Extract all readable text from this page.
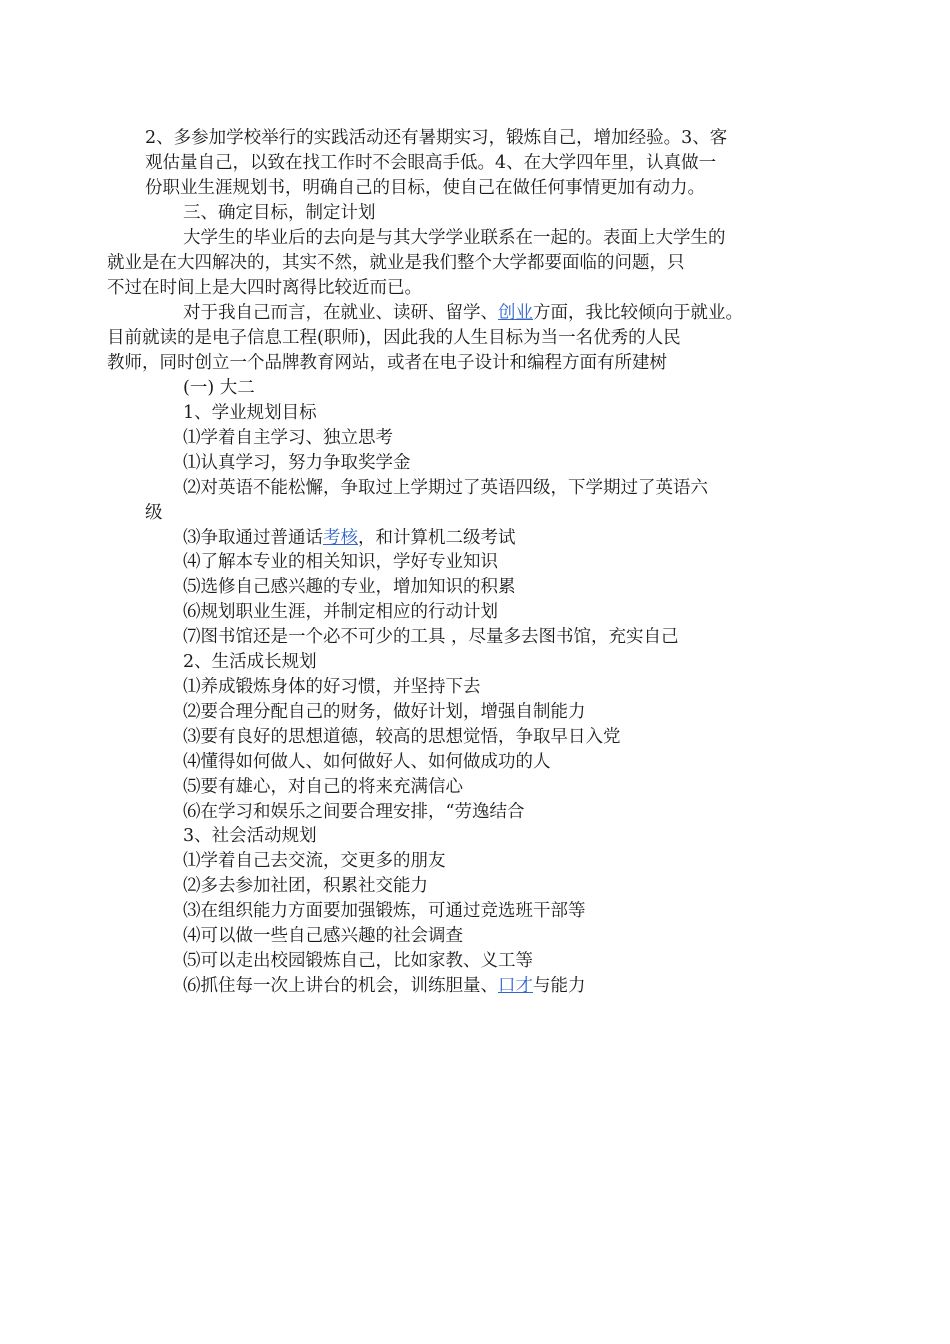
2、多参加学校举行的实践活动还有暑期实习，锻炼自己，增加经验。3、客
观估量自己，以致在找工作时不会眼高手低。4、在大学四年里，认真做一
份职业生涯规划书，明确自己的目标，使自己在做任何事情更加有动力。

三、确定目标，制定计划

大学生的毕业后的去向是与其大学学业联系在一起的。表面上大学生的
就业是在大四解决的，其实不然，就业是我们整个大学都要面临的问题，只
不过在时间上是大四时离得比较近而已。

对于我自己而言，在就业、读研、留学、创业方面，我比较倾向于就业。
目前就读的是电子信息工程(职师)，因此我的人生目标为当一名优秀的人民
教师，同时创立一个品牌教育网站，或者在电子设计和编程方面有所建树

(一) 大二

1、学业规划目标

⑴学着自主学习、独立思考

⑴认真学习，努力争取奖学金

⑵对英语不能松懈，争取过上学期过了英语四级，下学期过了英语六

级

⑶争取通过普通话考核，和计算机二级考试

⑷了解本专业的相关知识，学好专业知识

⑸选修自己感兴趣的专业，增加知识的积累

⑹规划职业生涯，并制定相应的行动计划

⑺图书馆还是一个必不可少的工具 ，尽量多去图书馆，充实自己

2、生活成长规划

⑴养成锻炼身体的好习惯，并坚持下去

⑵要合理分配自己的财务，做好计划，增强自制能力

⑶要有良好的思想道德，较高的思想觉悟，争取早日入党

⑷懂得如何做人、如何做好人、如何做成功的人

⑸要有雄心，对自己的将来充满信心

⑹在学习和娱乐之间要合理安排，“劳逸结合

3、社会活动规划

⑴学着自己去交流，交更多的朋友

⑵多去参加社团，积累社交能力

⑶在组织能力方面要加强锻炼，可通过竞选班干部等

⑷可以做一些自己感兴趣的社会调查

⑸可以走出校园锻炼自己，比如家教、义工等

⑹抓住每一次上讲台的机会，训练胆量、口才与能力
